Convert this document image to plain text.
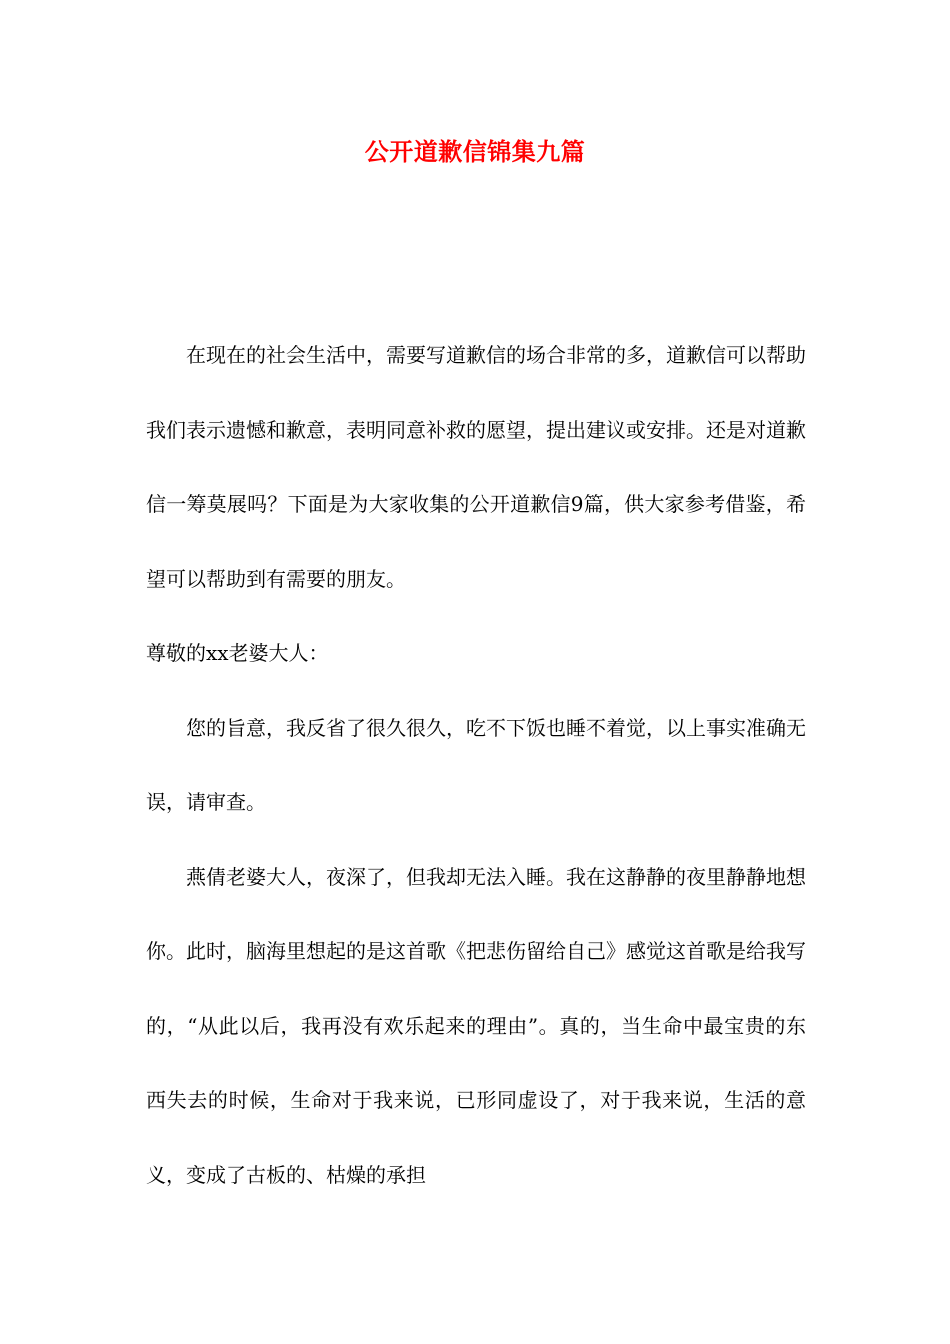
公开道歉信锦集九篇

在现在的社会生活中，需要写道歉信的场合非常的多，道歉信可以帮助我们表示遗憾和歉意，表明同意补救的愿望，提出建议或安排。还是对道歉信一筹莫展吗？下面是为大家收集的公开道歉信9篇，供大家参考借鉴，希望可以帮助到有需要的朋友。

尊敬的xx老婆大人：

您的旨意，我反省了很久很久，吃不下饭也睡不着觉，以上事实准确无误，请审查。

燕倩老婆大人，夜深了，但我却无法入睡。我在这静静的夜里静静地想你。此时，脑海里想起的是这首歌《把悲伤留给自己》感觉这首歌是给我写的，“从此以后，我再没有欢乐起来的理由”。真的，当生命中最宝贵的东西失去的时候，生命对于我来说，已形同虚设了，对于我来说，生活的意义，变成了古板的、枯燥的承担
